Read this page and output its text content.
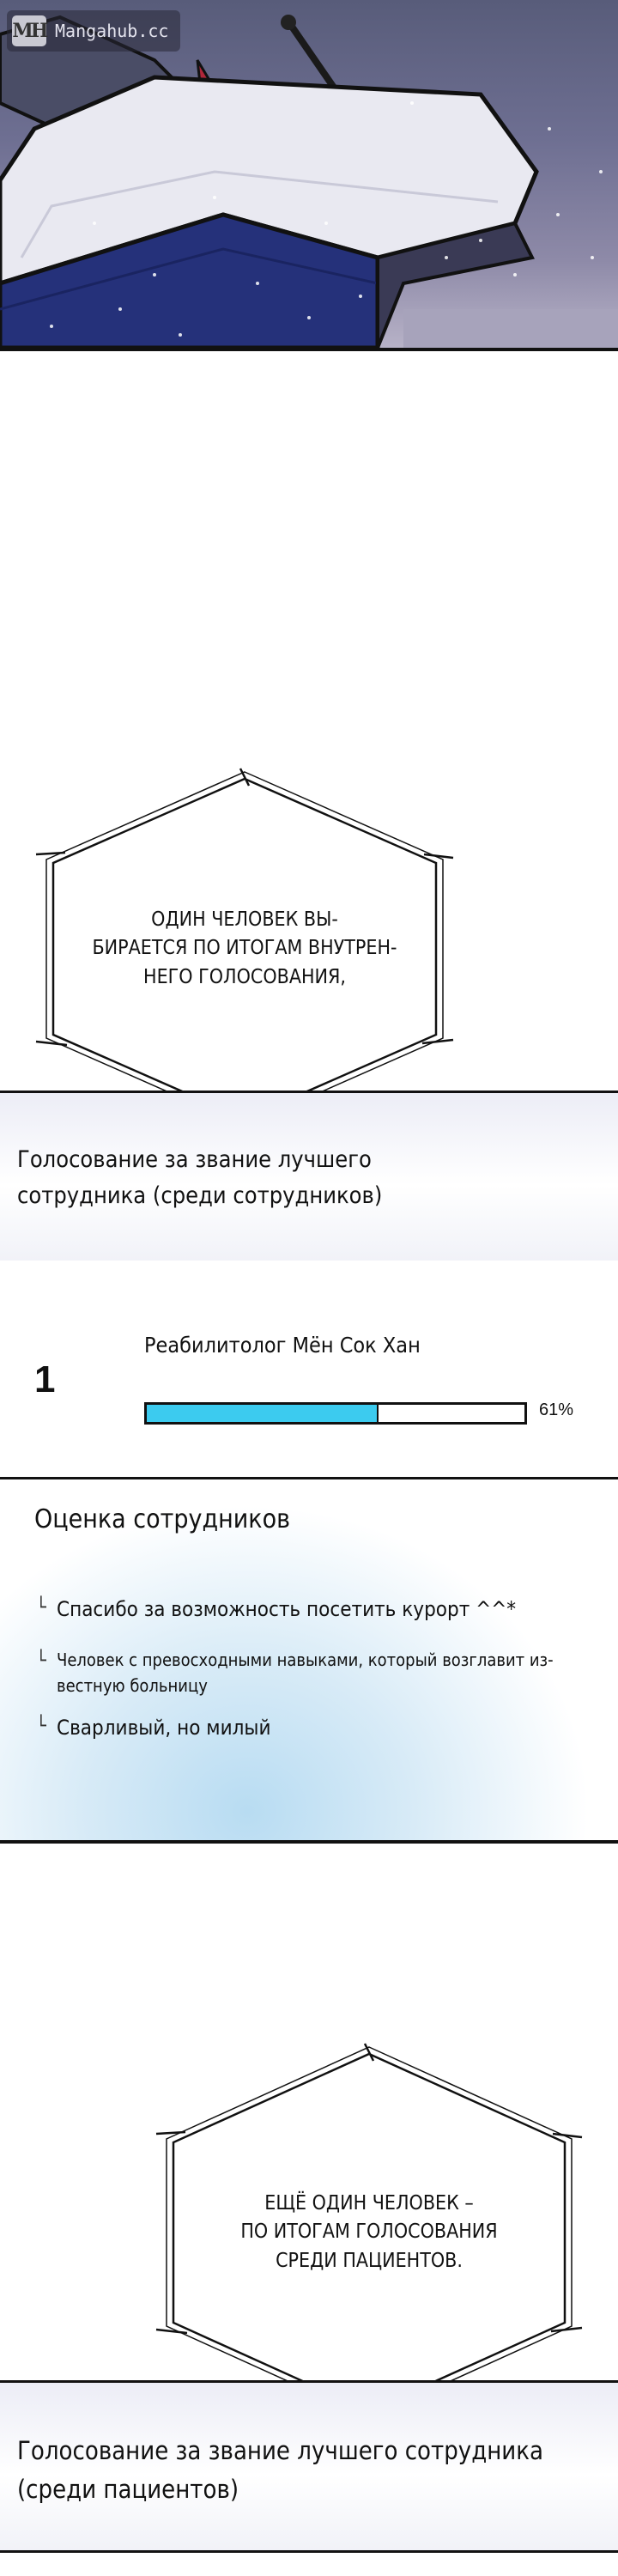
MH Mangahub.cc
ОДИН ЧЕЛОВЕК ВЫ-
БИРАЕТСЯ ПО ИТОГАМ ВНУТРЕН-
НЕГО ГОЛОСОВАНИЯ,
Голосование за звание лучшего
сотрудника (среди сотрудников)
1
Реабилитолог Мён Сок Хан
61%
Оценка сотрудников
└ Спасибо за возможность посетить курорт ^^*
└ Человек с превосходными навыками, который возглавит из-вестную больницу
└ Сварливый, но милый
ЕЩЁ ОДИН ЧЕЛОВЕК –
ПО ИТОГАМ ГОЛОСОВАНИЯ
СРЕДИ ПАЦИЕНТОВ.
Голосование за звание лучшего сотрудника
(среди пациентов)
